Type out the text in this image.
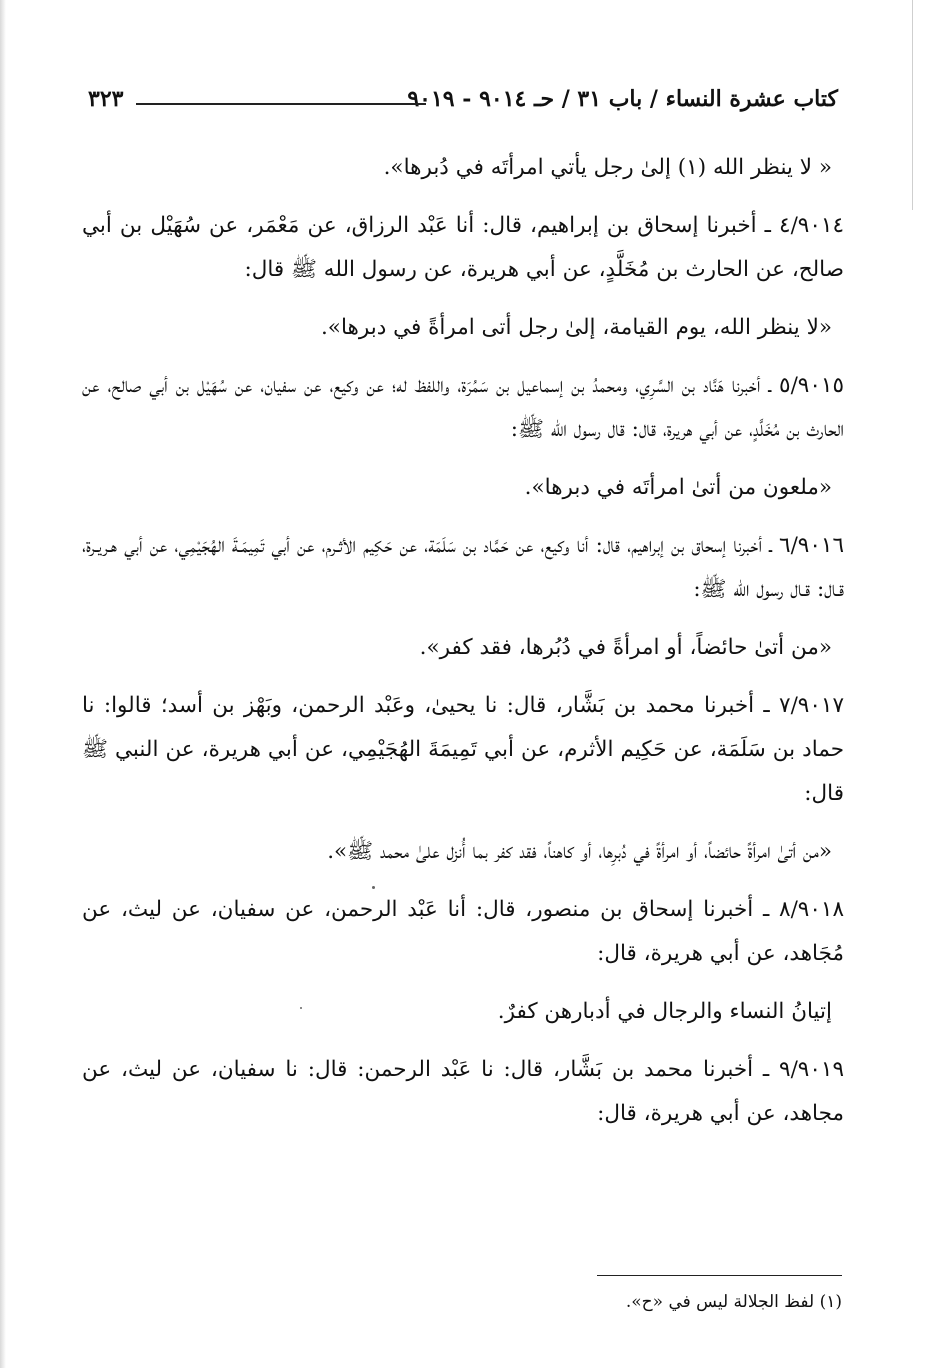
كتاب عشرة النساء / باب ٣١ / حـ ٩٠١٤ - ٩٠١٩
٣٢٣

« لا ينظر الله (١) إلىٰ رجل يأتي امرأتَه في دُبرها».

٤/٩٠١٤ ـ أخبرنا إسحاق بن إبراهيم، قال: أنا عَبْد الرزاق، عن مَعْمَر، عن سُهَيْل بن أبي صالح، عن الحارث بن مُخَلَّدٍ، عن أبي هريرة، عن رسول الله ﷺ قال:

«لا ينظر الله، يوم القيامة، إلىٰ رجل أتى امرأةً في دبرها».

٥/٩٠١٥ ـ أخبرنا هَنَّاد بن السَّرِي، ومحمدُ بن إسماعيل بن سَمُرَة، واللفظ له؛ عن وكيع، عن سفيان، عن سُهَيْل بن أبي صالح، عن الحارث بن مُخَلَّدٍ، عن أبي هريرة، قال: قال رسول الله ﷺ:

«ملعون من أتىٰ امرأتَه في دبرها».

٦/٩٠١٦ ـ أخبرنا إسحاق بن إبراهيم، قال: أنا وكيع، عن حَمَّاد بن سَلَمَة، عن حَكِيم الأثـرم، عن أبي تَمِيمَـةَ الهُجَيْمِي، عن أبي هـريـرة، قـال: قـال رسول الله ﷺ:

«من أتىٰ حائضاً، أو امرأةً في دُبُرها، فقد كفر».

٧/٩٠١٧ ـ أخبرنا محمد بن بَشَّار، قال: نا يحيىٰ، وعَبْد الرحمن، وبَهْز بن أسد؛ قالوا: نا حماد بن سَلَمَة، عن حَكِيم الأثرم، عن أبي تَمِيمَةَ الهُجَيْمِي، عن أبي هريرة، عن النبي ﷺ قال:

«من أتىٰ امرأةً حائضاً، أو امرأةً في دُبرِها، أو كاهناً، فقد كفر بما أُنزل علىٰ محمد ﷺ».

٨/٩٠١٨ ـ أخبرنا إسحاق بن منصور، قال: أنا عَبْد الرحمن، عن سفيان، عن ليث، عن مُجَاهد، عن أبي هريرة، قال:

إتيانُ النساء والرجال في أدبارهن كفرٌ.

٩/٩٠١٩ ـ أخبرنا محمد بن بَشَّار، قال: نا عَبْد الرحمن: قال: نا سفيان، عن ليث، عن مجاهد، عن أبي هريرة، قال:

(١) لفظ الجلالة ليس في «ح».
